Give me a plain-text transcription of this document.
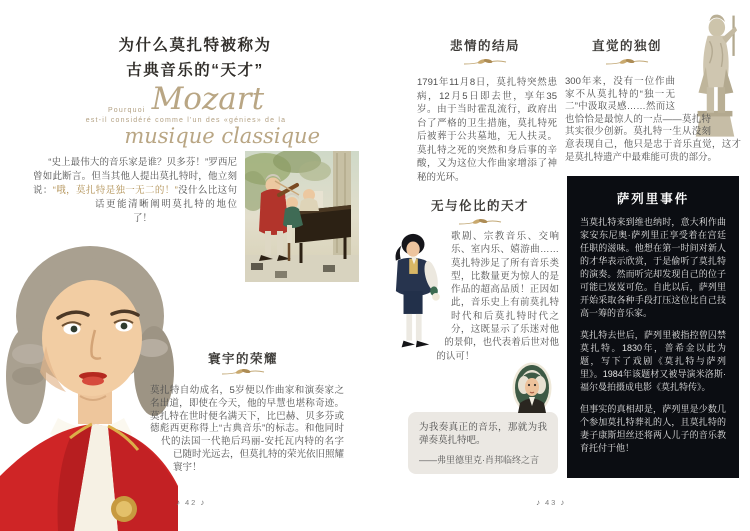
为什么莫扎特被称为
古典音乐的“天才”
Pourquoi Mozart
est-il considéré comme l'un des «génies» de la
musique classique

“史上最伟大的音乐家是谁？贝多芬！”罗西尼曾如此断言。但当其他人提出莫扎特时，他立刻说：“哦，莫扎特是独一无二的！”没什么比这句话更能清晰阐明莫扎特的地位了！

寰宇的荣耀

莫扎特自幼成名，5岁便以作曲家和演奏家之名出道，即使在今天，他的早慧也堪称奇迹。莫扎特在世时便名满天下，比巴赫、贝多芬或德彪西更称得上“古典音乐”的标志。和他同时代的法国一代艳后玛丽-安托瓦内特的名字已随时光远去，但莫扎特的荣光依旧照耀寰宇！

♪ 42 ♪
悲情的结局

1791年11月8日，莫扎特突然患病，12月5日即去世，享年35岁。由于当时霍乱流行，政府出台了严格的卫生措施，莫扎特死后被葬于公共墓地，无人扶灵。莫扎特之死的突然和身后事的辛酸，又为这位大作曲家增添了神秘的光环。

无与伦比的天才

歌剧、宗教音乐、交响乐、室内乐、嬉游曲……莫扎特涉足了所有音乐类型，比数量更为惊人的是作品的超高品质！正因如此，音乐史上有前莫扎特时代和后莫扎特时代之分，这既显示了乐迷对他的景仰，也代表着后世对他的认可！

为我奏真正的音乐，那就为我弹奏莫扎特吧。

——弗里德里克·肖邦临终之言
♪ 43 ♪
直觉的独创

300年来，没有一位作曲家不从莫扎特的“独一无二”中汲取灵感……然而这也恰恰是最惊人的一点——莫扎特其实很少创新。莫扎特一生从没刻意表现自己，他只是忠于音乐直觉，这才是莫扎特遗产中最难能可贵的部分。

萨列里事件

当莫扎特来到维也纳时，意大利作曲家安东尼奥·萨列里正享受着在宫廷任职的滋味。他想在第一时间对新人的才华表示欣赏，于是偷听了莫扎特的演奏。然而听完却发现自己的位子可能已岌岌可危。自此以后，萨列里开始采取各种手段打压这位比自己技高一筹的音乐家。

莫扎特去世后，萨列里被指控曾囚禁莫扎特。1830年，普希金以此为题，写下了戏剧《莫扎特与萨列里》。1984年该题材又被导演米洛斯·福尔曼拍摄成电影《莫扎特传》。

但事实的真相却是，萨列里是少数几个参加莫扎特葬礼的人，且莫扎特的妻子康斯坦丝还将两人儿子的音乐教育托付于他！
